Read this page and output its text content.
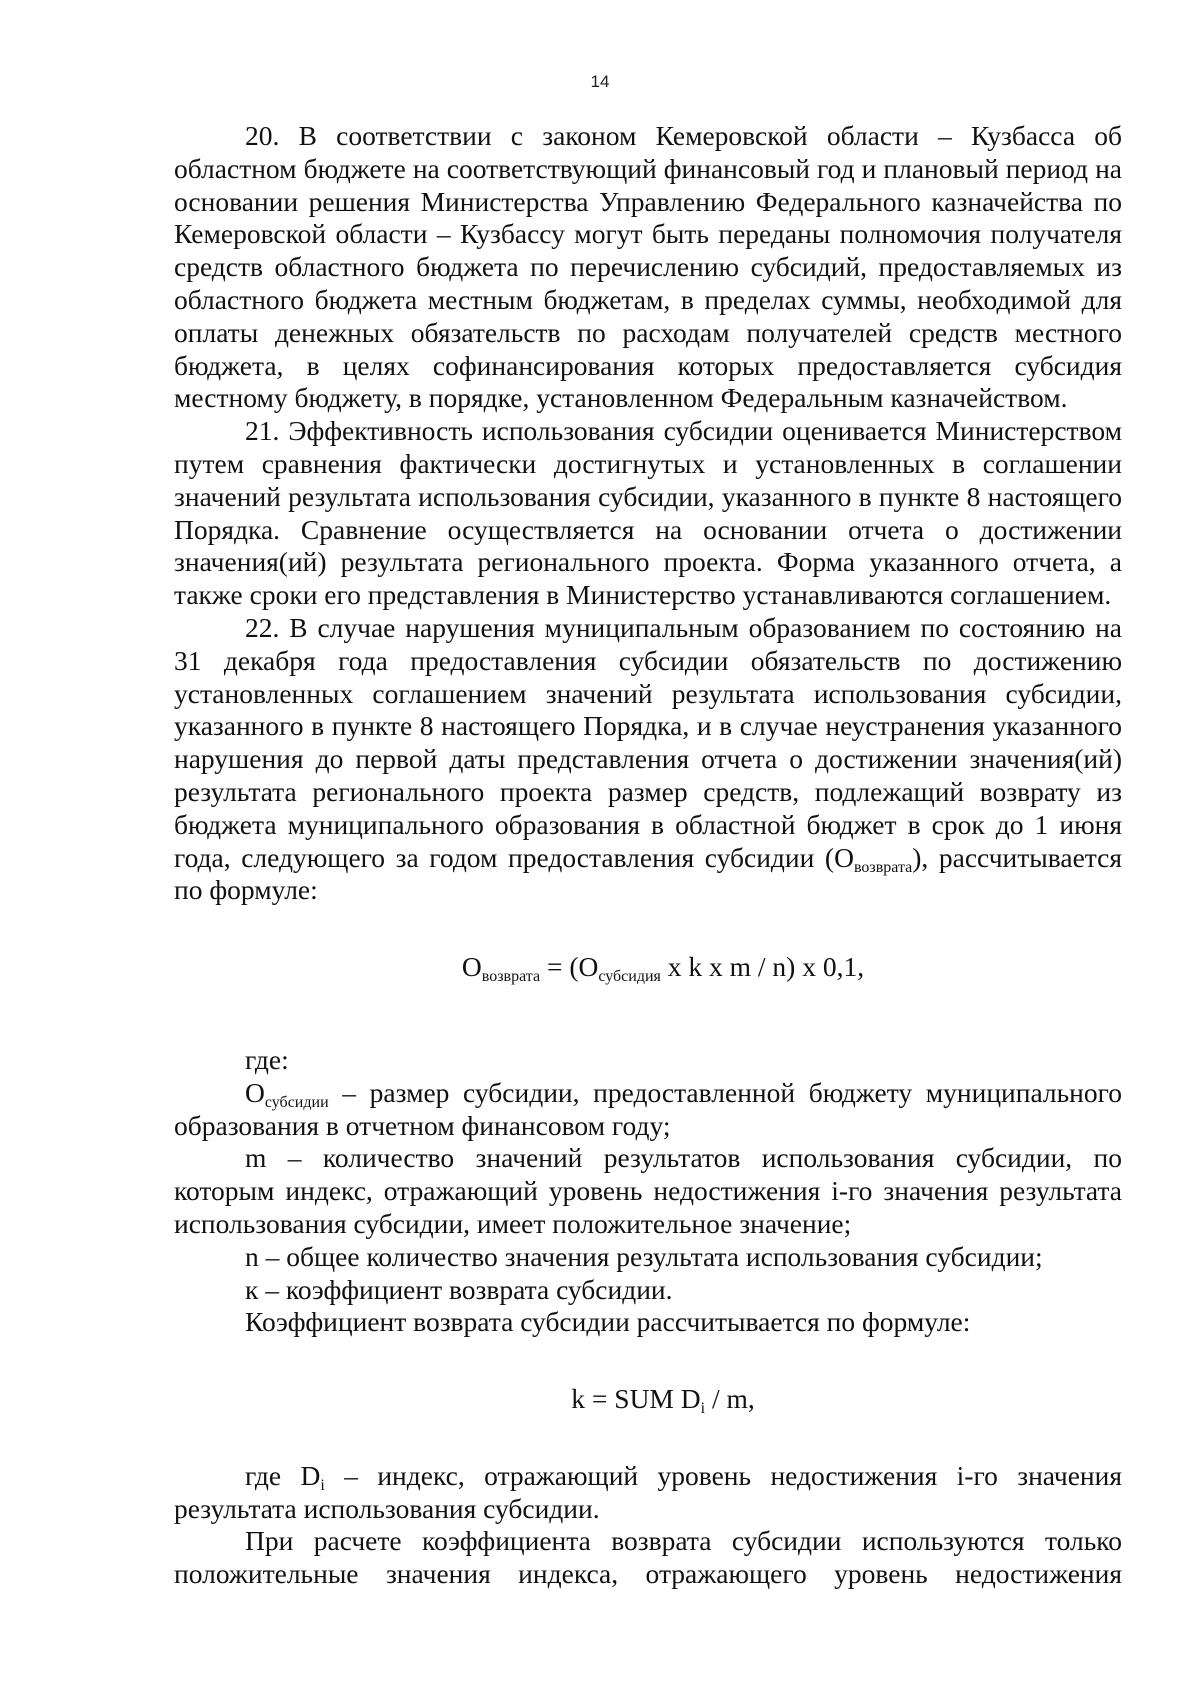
14

20. В соответствии с законом Кемеровской области – Кузбасса об областном бюджете на соответствующий финансовый год и плановый период на основании решения Министерства Управлению Федерального казначейства по Кемеровской области – Кузбассу могут быть переданы полномочия получателя средств областного бюджета по перечислению субсидий, предоставляемых из областного бюджета местным бюджетам, в пределах суммы, необходимой для оплаты денежных обязательств по расходам получателей средств местного бюджета, в целях софинансирования которых предоставляется субсидия местному бюджету, в порядке, установленном Федеральным казначейством.

21. Эффективность использования субсидии оценивается Министерством путем сравнения фактически достигнутых и установленных в соглашении значений результата использования субсидии, указанного в пункте 8 настоящего Порядка. Сравнение осуществляется на основании отчета о достижении значения(ий) результата регионального проекта. Форма указанного отчета, а также сроки его представления в Министерство устанавливаются соглашением.

22. В случае нарушения муниципальным образованием по состоянию на 31 декабря года предоставления субсидии обязательств по достижению установленных соглашением значений результата использования субсидии, указанного в пункте 8 настоящего Порядка, и в случае неустранения указанного нарушения до первой даты представления отчета о достижении значения(ий) результата регионального проекта размер средств, подлежащий возврату из бюджета муниципального образования в областной бюджет в срок до 1 июня года, следующего за годом предоставления субсидии $(О_{возврата})$, рассчитывается по формуле:

$О_{возврата} = (О_{субсидия}$ x k x m / n) x 0,1,

где:

$О_{субсидии}$ – размер субсидии, предоставленной бюджету муниципального образования в отчетном финансовом году;

m – количество значений результатов использования субсидии, по которым индекс, отражающий уровень недостижения i-го значения результата использования субсидии, имеет положительное значение;

n – общее количество значения результата использования субсидии;

к – коэффициент возврата субсидии.

Коэффициент возврата субсидии рассчитывается по формуле:

k = SUM $D_i$ / m,

где $D_i$ – индекс, отражающий уровень недостижения i-го значения результата использования субсидии.

При расчете коэффициента возврата субсидии используются только положительные значения индекса, отражающего уровень недостижения
